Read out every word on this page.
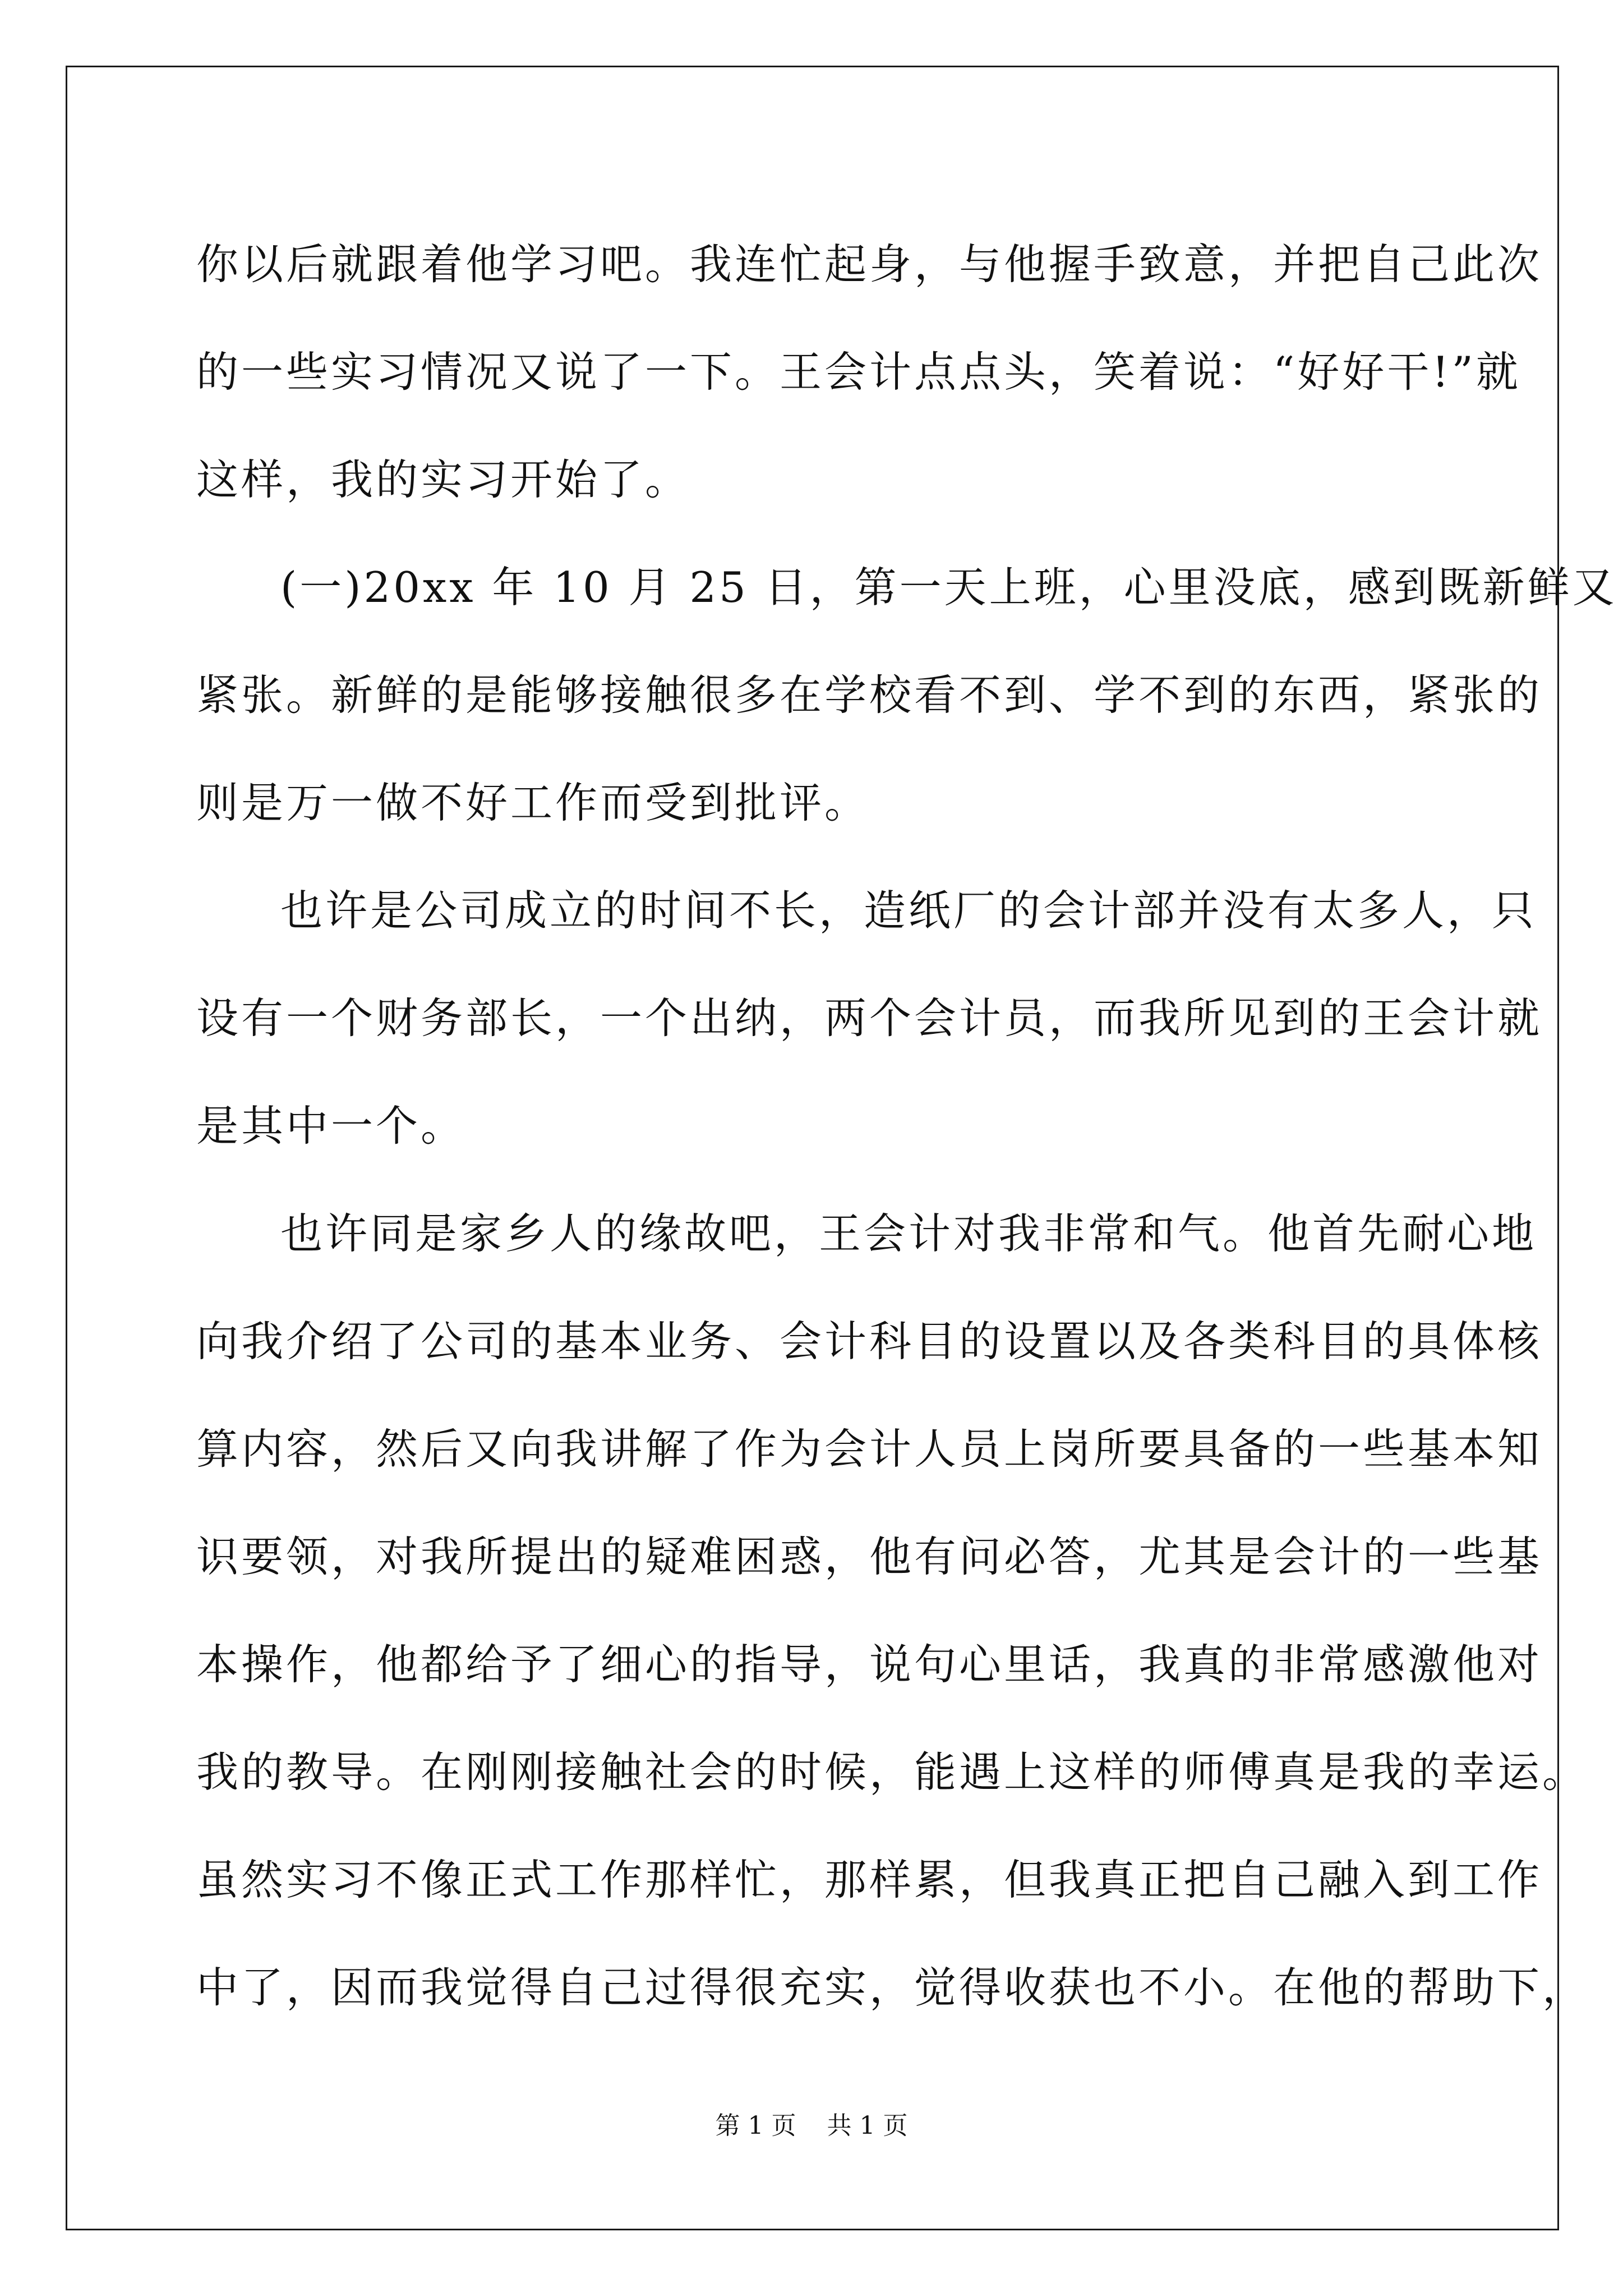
你以后就跟着他学习吧。我连忙起身，与他握手致意，并把自己此次
的一些实习情况又说了一下。王会计点点头，笑着说：“好好干!”就
这样，我的实习开始了。
(一)20xx 年 10 月 25 日，第一天上班，心里没底，感到既新鲜又
紧张。新鲜的是能够接触很多在学校看不到、学不到的东西，紧张的
则是万一做不好工作而受到批评。
也许是公司成立的时间不长，造纸厂的会计部并没有太多人，只
设有一个财务部长，一个出纳，两个会计员，而我所见到的王会计就
是其中一个。
也许同是家乡人的缘故吧，王会计对我非常和气。他首先耐心地
向我介绍了公司的基本业务、会计科目的设置以及各类科目的具体核
算内容，然后又向我讲解了作为会计人员上岗所要具备的一些基本知
识要领，对我所提出的疑难困惑，他有问必答，尤其是会计的一些基
本操作，他都给予了细心的指导，说句心里话，我真的非常感激他对
我的教导。在刚刚接触社会的时候，能遇上这样的师傅真是我的幸运。
虽然实习不像正式工作那样忙，那样累，但我真正把自己融入到工作
中了，因而我觉得自己过得很充实，觉得收获也不小。在他的帮助下，
第 1 页 共 1 页
